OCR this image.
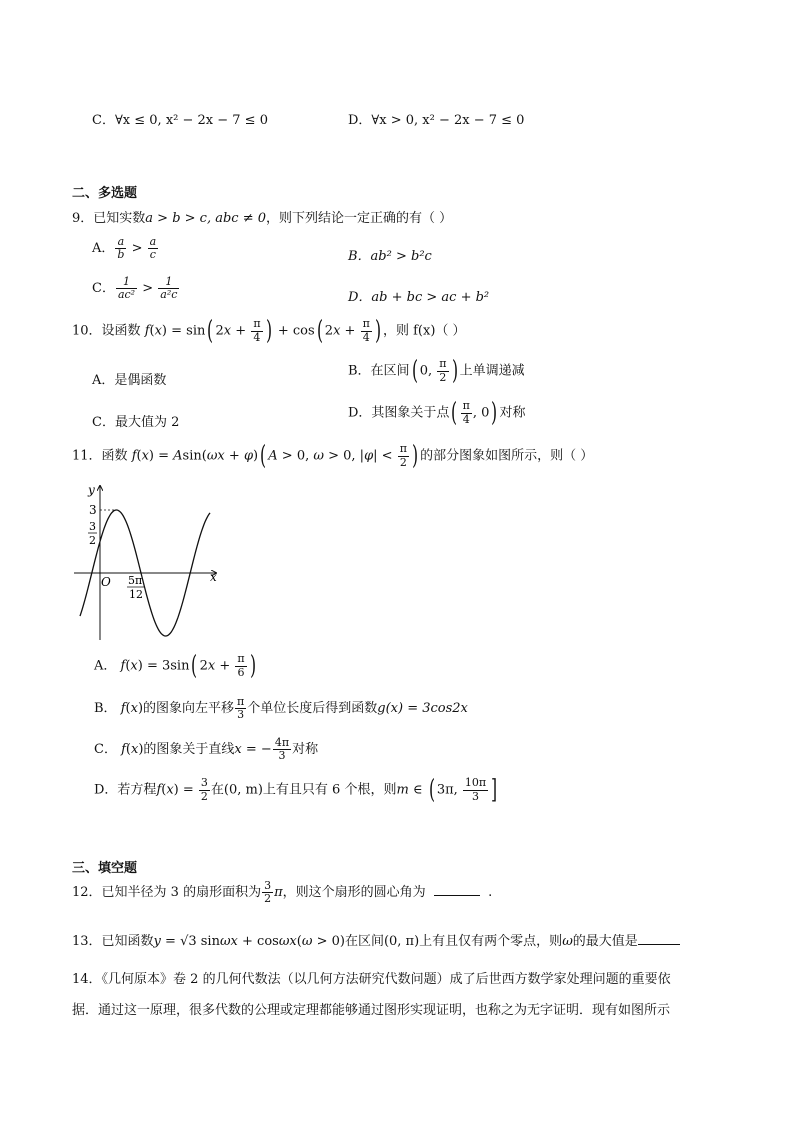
C．∀x ≤ 0, x² − 2x − 7 ≤ 0	D．∀x > 0, x² − 2x − 7 ≤ 0
二、多选题
9．已知实数a > b > c, abc ≠ 0，则下列结论一定正确的有（ ）
A． $\frac{a}{b} > \frac{a}{c}$	B．ab² > b²c
C． $\frac{1}{\text{ac²}} > \frac{1}{\text{a²c}}$	D．ab + bc > ac + b²
10．设函数 f(x) = sin( $2x + \frac{\pi}{4}$ ) + cos( $2x + \frac{\pi}{4}$ ) ，则 f(x)（ ）
A．是偶函数
B．在区间( 0, $\frac{\pi}{2}$ ) 上单调递减
C．最大值为 2
D．其图象关于点( $\frac{\pi}{4}$ , 0) 对称
11．函数 f(x) = Asin(ωx + φ)( A > 0, ω > 0, $|\varphi| < \frac{\pi}{2}$ ) 的部分图象如图所示，则（ ）
y
x
O
3
3
2
5π
12
A． f(x) = 3sin( $2x + \frac{\pi}{6}$ )
B． f(x)的图象向左平移 $\frac{\pi}{3}$ 个单位长度后得到函数g(x) = 3cos2x
C． f(x)的图象关于直线x = − $\frac{4\pi}{3}$ 对称
D．若方程$f(x) = \frac{3}{2}$ 在(0, m)上有且只有 6 个根，则m ∈ ( 3π, $\frac{10\pi}{3}$ ]
三、填空题
12．已知半径为 3 的扇形面积为 $\frac{3}{2}$ π，则这个扇形的圆心角为	.
13．已知函数y = √3 sinωx + cosωx(ω > 0)在区间(0, π)上有且仅有两个零点，则ω的最大值是
14．《几何原本》卷 2 的几何代数法（以几何方法研究代数问题）成了后世西方数学家处理问题的重要依
据．通过这一原理，很多代数的公理或定理都能够通过图形实现证明，也称之为无字证明．现有如图所示
